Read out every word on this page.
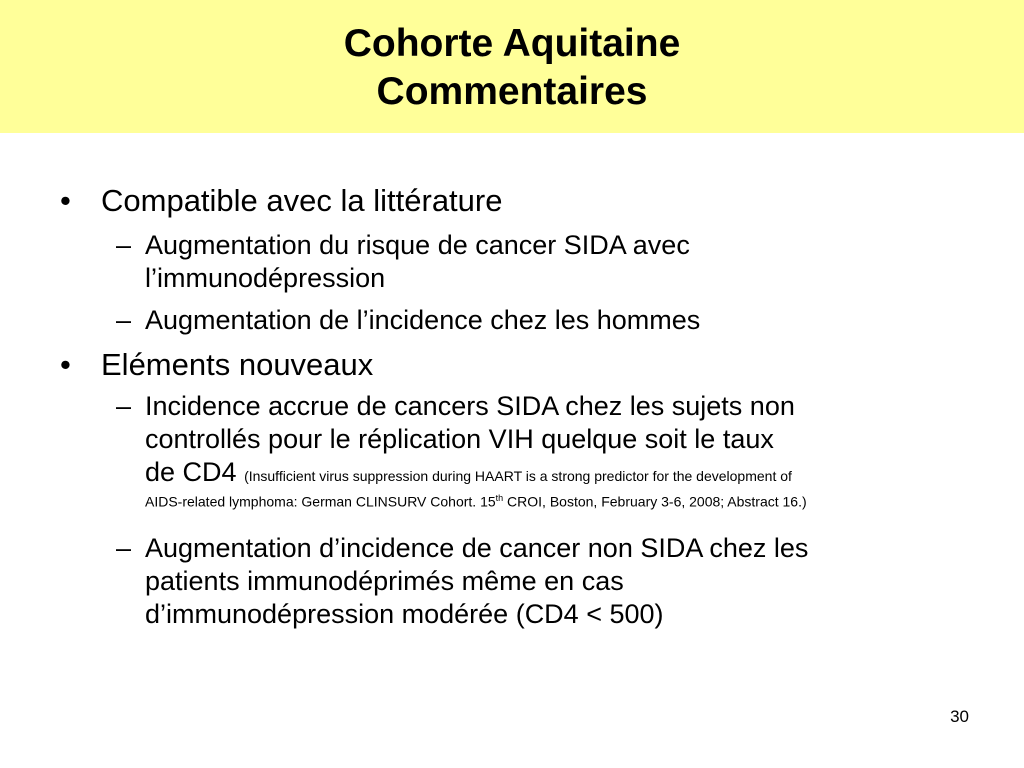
Cohorte Aquitaine
Commentaires
• Compatible avec la littérature
– Augmentation du risque de cancer SIDA avec
l’immunodépression
– Augmentation de l’incidence chez les hommes
• Eléments nouveaux
– Incidence accrue de cancers SIDA chez les sujets non
controllés pour le réplication VIH quelque soit le taux
de CD4 (Insufficient virus suppression during HAART is a strong predictor for the development of
AIDS-related lymphoma: German CLINSURV Cohort. 15th CROI, Boston, February 3-6, 2008; Abstract 16.)
– Augmentation d’incidence de cancer non SIDA chez les
patients immunodéprimés même en cas
d’immunodépression modérée (CD4 < 500)
30
